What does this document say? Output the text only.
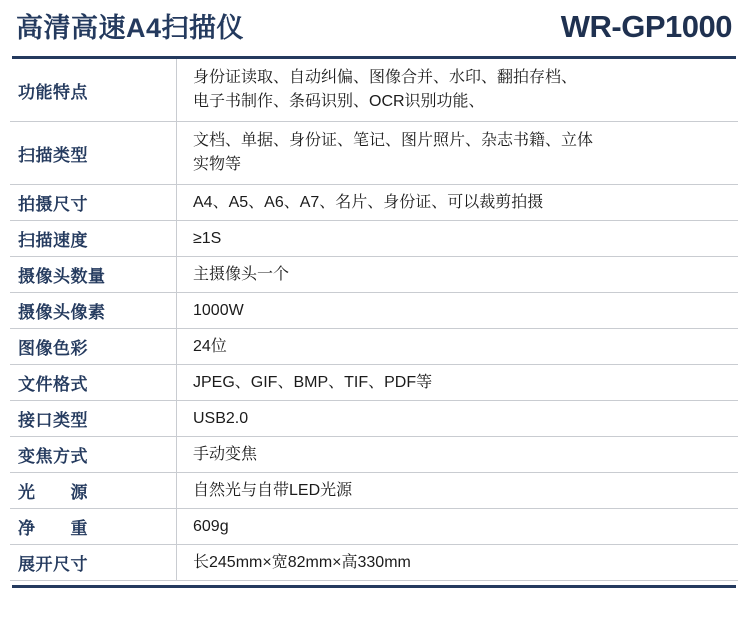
高清高速A4扫描仪	WR-GP1000
功能特点	身份证读取、自动纠偏、图像合并、水印、翻拍存档、
电子书制作、条码识别、OCR识别功能、

扫描类型	文档、单据、身份证、笔记、图片照片、杂志书籍、立体
实物等

拍摄尺寸	A4、A5、A6、A7、名片、身份证、可以裁剪拍摄

扫描速度	≥1S

摄像头数量	主摄像头一个

摄像头像素	1000W

图像色彩	24位

文件格式	JPEG、GIF、BMP、TIF、PDF等

接口类型	USB2.0

变焦方式	手动变焦

光　　源	自然光与自带LED光源

净　　重	609g

展开尺寸	长245mm×宽82mm×高330mm
